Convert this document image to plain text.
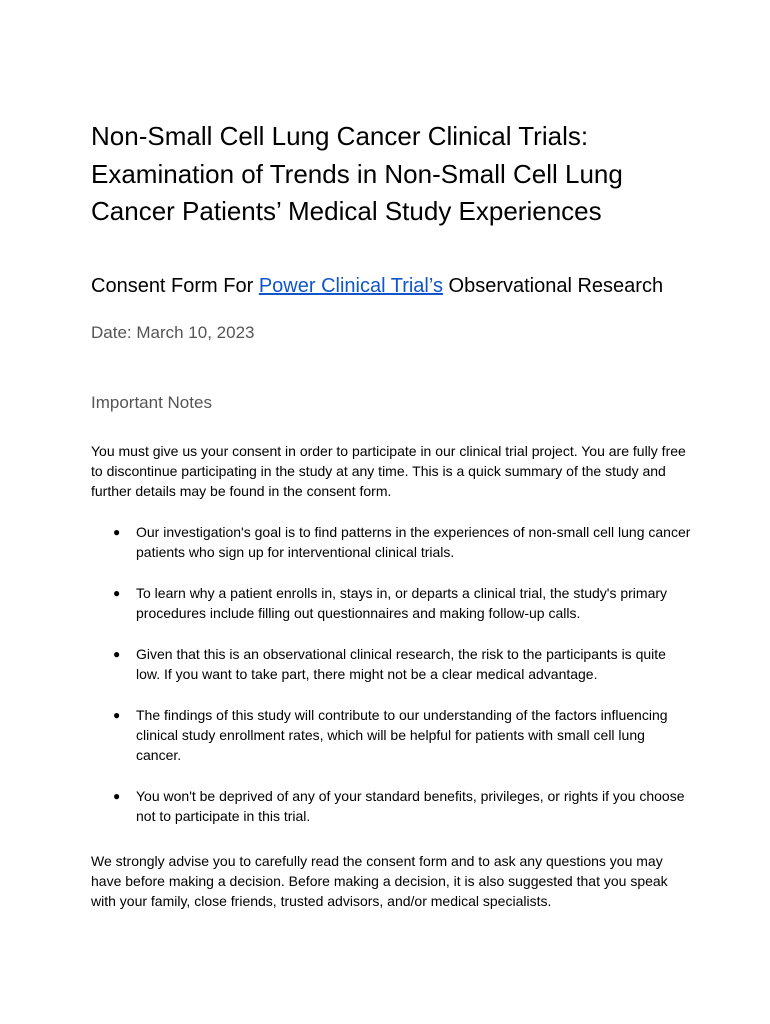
Non-Small Cell Lung Cancer Clinical Trials: Examination of Trends in Non-Small Cell Lung Cancer Patients’ Medical Study Experiences
Consent Form For Power Clinical Trial’s Observational Research

Date: March 10, 2023

Important Notes

You must give us your consent in order to participate in our clinical trial project. You are fully free to discontinue participating in the study at any time. This is a quick summary of the study and further details may be found in the consent form.

● Our investigation's goal is to find patterns in the experiences of non-small cell lung cancer patients who sign up for interventional clinical trials.
● To learn why a patient enrolls in, stays in, or departs a clinical trial, the study's primary procedures include filling out questionnaires and making follow-up calls.
● Given that this is an observational clinical research, the risk to the participants is quite low. If you want to take part, there might not be a clear medical advantage.
● The findings of this study will contribute to our understanding of the factors influencing clinical study enrollment rates, which will be helpful for patients with small cell lung cancer.
● You won't be deprived of any of your standard benefits, privileges, or rights if you choose not to participate in this trial.

We strongly advise you to carefully read the consent form and to ask any questions you may have before making a decision. Before making a decision, it is also suggested that you speak with your family, close friends, trusted advisors, and/or medical specialists.
